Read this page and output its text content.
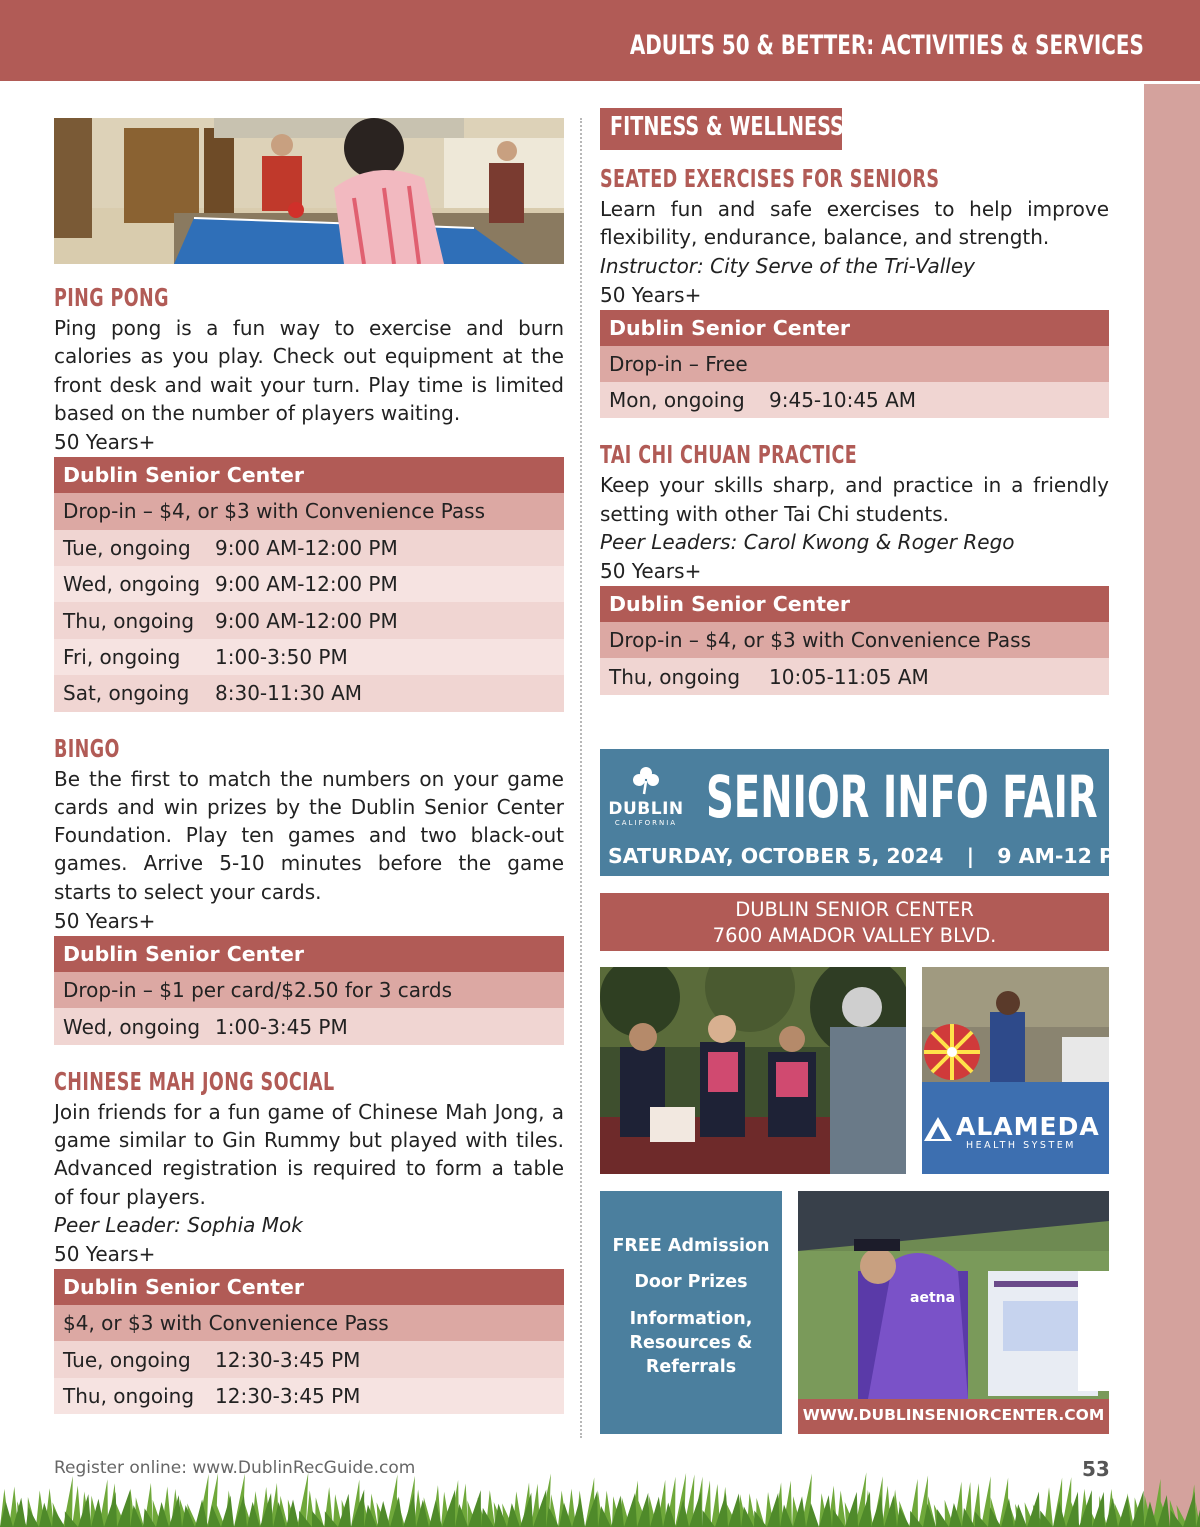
ADULTS 50 & BETTER: ACTIVITIES & SERVICES
PING PONG
Ping pong is a fun way to exercise and burn calories as you play. Check out equipment at the front desk and wait your turn. Play time is limited based on the number of players waiting.
50 Years+
Dublin Senior Center
Drop-in – $4, or $3 with Convenience Pass
Tue, ongoing	9:00 AM-12:00 PM
Wed, ongoing 9:00 AM-12:00 PM
Thu, ongoing	9:00 AM-12:00 PM
Fri, ongoing	1:00-3:50 PM
Sat, ongoing	8:30-11:30 AM
BINGO
Be the first to match the numbers on your game cards and win prizes by the Dublin Senior Center Foundation. Play ten games and two black-out games. Arrive 5-10 minutes before the game starts to select your cards.
50 Years+
Dublin Senior Center
Drop-in – $1 per card/$2.50 for 3 cards
Wed, ongoing 1:00-3:45 PM
CHINESE MAH JONG SOCIAL
Join friends for a fun game of Chinese Mah Jong, a game similar to Gin Rummy but played with tiles. Advanced registration is required to form a table of four players.
Peer Leader: Sophia Mok
50 Years+
Dublin Senior Center
$4, or $3 with Convenience Pass
Tue, ongoing	12:30-3:45 PM
Thu, ongoing	12:30-3:45 PM
FITNESS & WELLNESS
SEATED EXERCISES FOR SENIORS
Learn fun and safe exercises to help improve flexibility, endurance, balance, and strength.
Instructor: City Serve of the Tri-Valley
50 Years+
Dublin Senior Center
Drop-in – Free
Mon, ongoing	9:45-10:45 AM
TAI CHI CHUAN PRACTICE
Keep your skills sharp, and practice in a friendly setting with other Tai Chi students.
Peer Leaders: Carol Kwong & Roger Rego
50 Years+
Dublin Senior Center
Drop-in – $4, or $3 with Convenience Pass
Thu, ongoing	10:05-11:05 AM
DUBLIN
CALIFORNIA SENIOR INFO FAIR
SATURDAY, OCTOBER 5, 2024 | 9 AM-12 PM
DUBLIN SENIOR CENTER
7600 AMADOR VALLEY BLVD.
ALAMEDA
HEALTH SYSTEM
FREE Admission
Door Prizes
Information, Resources & Referrals
aetna
WWW.DUBLINSENIORCENTER.COM
Register online: www.DublinRecGuide.com	53
